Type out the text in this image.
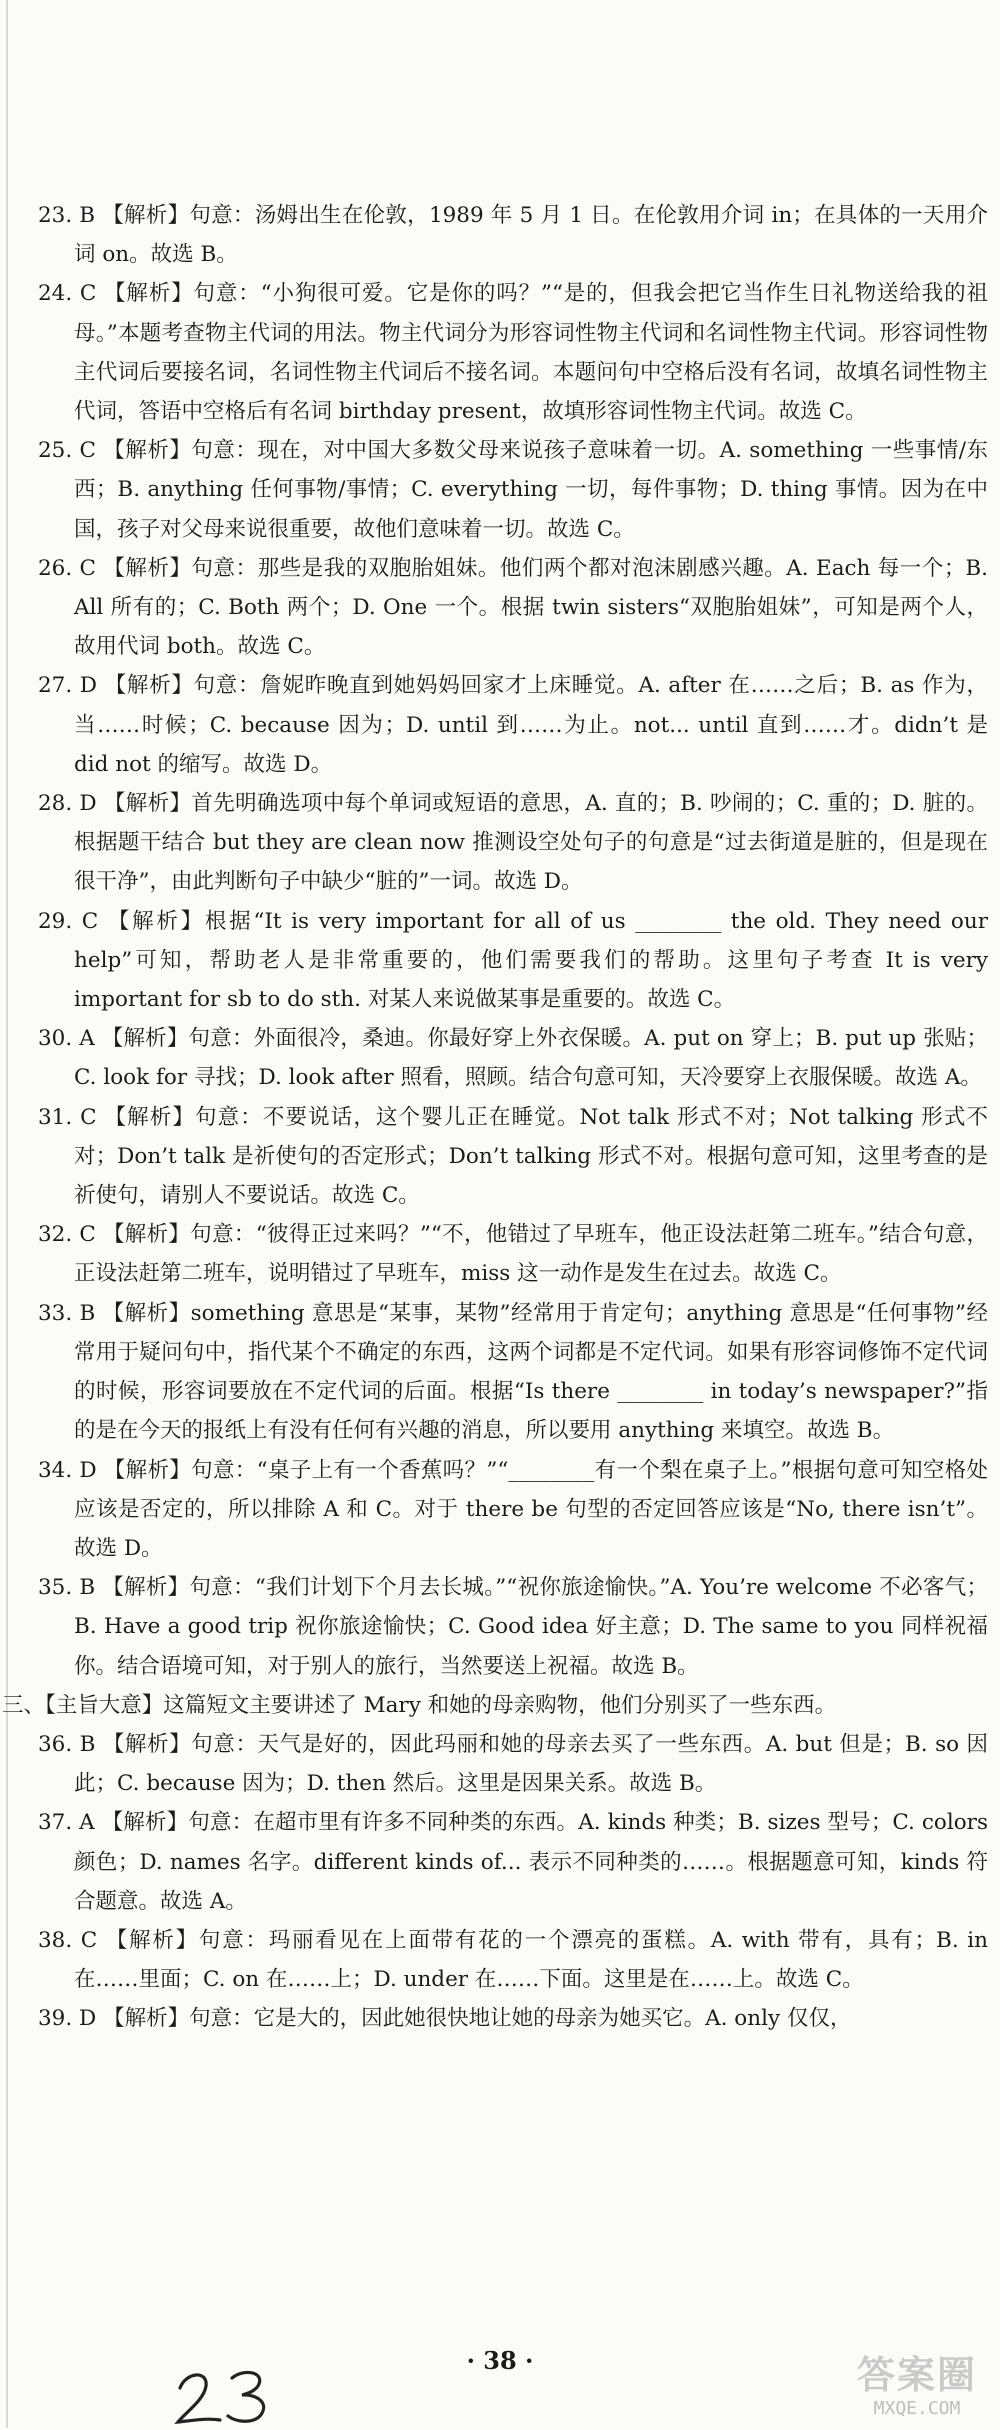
23. B 【解析】句意：汤姆出生在伦敦，1989 年 5 月 1 日。在伦敦用介词 in；在具体的一天用介词 on。故选 B。

24. C 【解析】句意：“小狗很可爱。它是你的吗？”“是的，但我会把它当作生日礼物送给我的祖母。”本题考查物主代词的用法。物主代词分为形容词性物主代词和名词性物主代词。形容词性物主代词后要接名词，名词性物主代词后不接名词。本题问句中空格后没有名词，故填名词性物主代词，答语中空格后有名词 birthday present，故填形容词性物主代词。故选 C。

25. C 【解析】句意：现在，对中国大多数父母来说孩子意味着一切。A. something 一些事情/东西；B. anything 任何事物/事情；C. everything 一切，每件事物；D. thing 事情。因为在中国，孩子对父母来说很重要，故他们意味着一切。故选 C。

26. C 【解析】句意：那些是我的双胞胎姐妹。他们两个都对泡沫剧感兴趣。A. Each 每一个；B. All 所有的；C. Both 两个；D. One 一个。根据 twin sisters“双胞胎姐妹”，可知是两个人，故用代词 both。故选 C。

27. D 【解析】句意：詹妮昨晚直到她妈妈回家才上床睡觉。A. after 在……之后；B. as 作为，当……时候；C. because 因为；D. until 到……为止。not... until 直到……才。didn’t 是 did not 的缩写。故选 D。

28. D 【解析】首先明确选项中每个单词或短语的意思，A. 直的；B. 吵闹的；C. 重的；D. 脏的。根据题干结合 but they are clean now 推测设空处句子的句意是“过去街道是脏的，但是现在很干净”，由此判断句子中缺少“脏的”一词。故选 D。

29. C 【解析】根据“It is very important for all of us ________ the old. They need our help”可知，帮助老人是非常重要的，他们需要我们的帮助。这里句子考查 It is very important for sb to do sth. 对某人来说做某事是重要的。故选 C。

30. A 【解析】句意：外面很冷，桑迪。你最好穿上外衣保暖。A. put on 穿上；B. put up 张贴；C. look for 寻找；D. look after 照看，照顾。结合句意可知，天冷要穿上衣服保暖。故选 A。

31. C 【解析】句意：不要说话，这个婴儿正在睡觉。Not talk 形式不对；Not talking 形式不对；Don’t talk 是祈使句的否定形式；Don’t talking 形式不对。根据句意可知，这里考查的是祈使句，请别人不要说话。故选 C。

32. C 【解析】句意：“彼得正过来吗？”“不，他错过了早班车，他正设法赶第二班车。”结合句意，正设法赶第二班车，说明错过了早班车，miss 这一动作是发生在过去。故选 C。

33. B 【解析】something 意思是“某事，某物”经常用于肯定句；anything 意思是“任何事物”经常用于疑问句中，指代某个不确定的东西，这两个词都是不定代词。如果有形容词修饰不定代词的时候，形容词要放在不定代词的后面。根据“Is there ________ in today’s newspaper?”指的是在今天的报纸上有没有任何有兴趣的消息，所以要用 anything 来填空。故选 B。

34. D 【解析】句意：“桌子上有一个香蕉吗？”“________有一个梨在桌子上。”根据句意可知空格处应该是否定的，所以排除 A 和 C。对于 there be 句型的否定回答应该是“No, there isn’t”。故选 D。

35. B 【解析】句意：“我们计划下个月去长城。”“祝你旅途愉快。”A. You’re welcome 不必客气；B. Have a good trip 祝你旅途愉快；C. Good idea 好主意；D. The same to you 同样祝福你。结合语境可知，对于别人的旅行，当然要送上祝福。故选 B。

三、【主旨大意】这篇短文主要讲述了 Mary 和她的母亲购物，他们分别买了一些东西。

36. B 【解析】句意：天气是好的，因此玛丽和她的母亲去买了一些东西。A. but 但是；B. so 因此；C. because 因为；D. then 然后。这里是因果关系。故选 B。

37. A 【解析】句意：在超市里有许多不同种类的东西。A. kinds 种类；B. sizes 型号；C. colors 颜色；D. names 名字。different kinds of... 表示不同种类的……。根据题意可知，kinds 符合题意。故选 A。

38. C 【解析】句意：玛丽看见在上面带有花的一个漂亮的蛋糕。A. with 带有，具有；B. in 在……里面；C. on 在……上；D. under 在……下面。这里是在……上。故选 C。

39. D 【解析】句意：它是大的，因此她很快地让她的母亲为她买它。A. only 仅仅，

· 38 ·	答案圈
MXQE.COM
